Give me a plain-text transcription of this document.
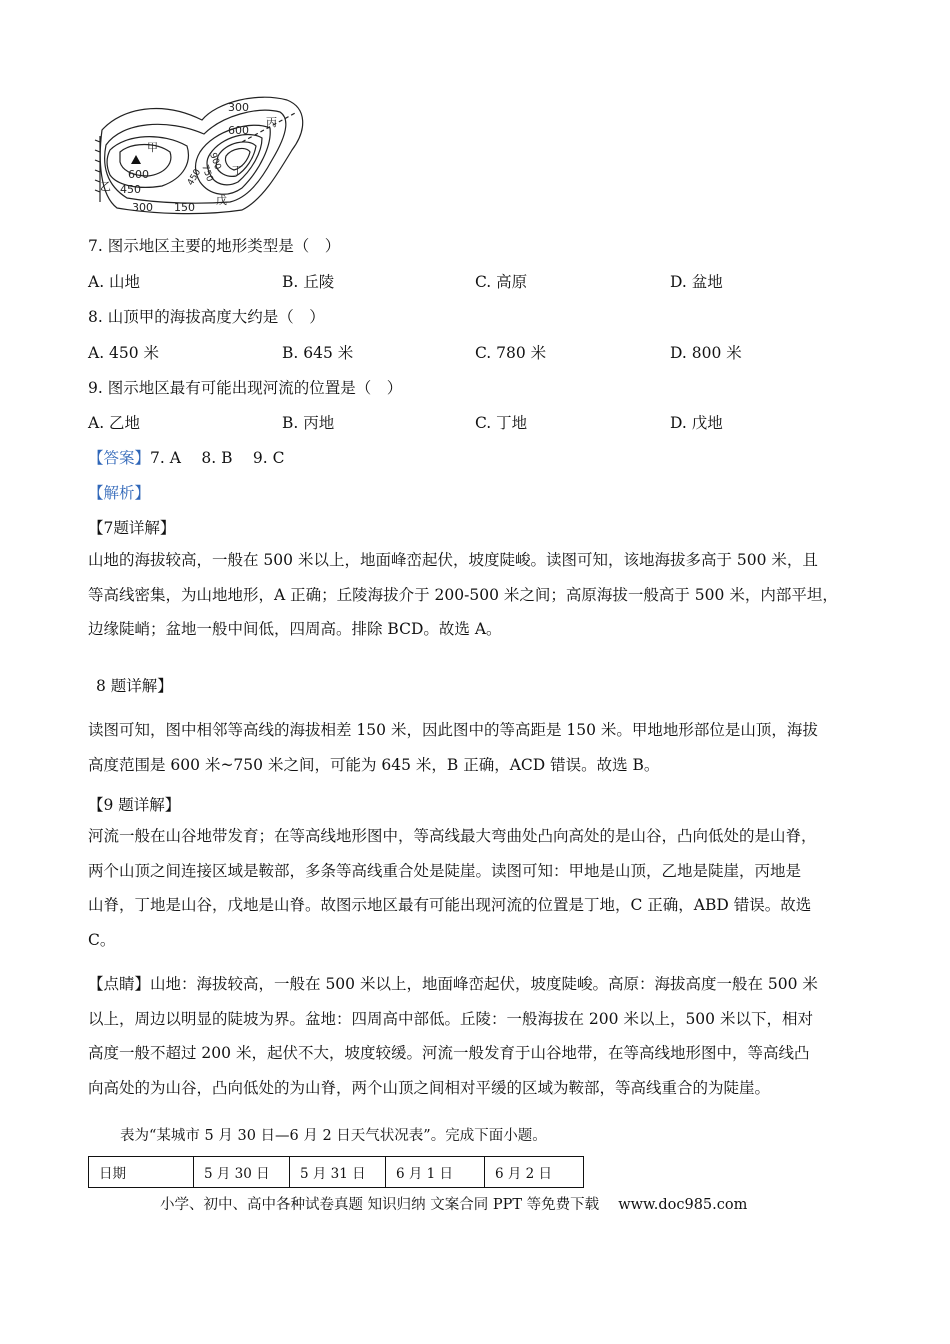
300
丙
600
甲
600
450
乙
300 150
900
750
450	丁
戊
7. 图示地区主要的地形类型是（　）
A. 山地	B. 丘陵	C. 高原	D. 盆地
8. 山顶甲的海拔高度大约是（　）
A. 450 米	B. 645 米	C. 780 米	D. 800 米
9. 图示地区最有可能出现河流的位置是（　）
A. 乙地	B. 丙地	C. 丁地	D. 戊地
【答案】7. A　 8. B　 9. C
【解析】
【7题详解】
山地的海拔较高，一般在 500 米以上，地面峰峦起伏，坡度陡峻。读图可知，该地海拔多高于 500 米，且
等高线密集，为山地地形，A 正确；丘陵海拔介于 200-500 米之间；高原海拔一般高于 500 米，内部平坦，
边缘陡峭；盆地一般中间低，四周高。排除 BCD。故选 A。
8 题详解】
读图可知，图中相邻等高线的海拔相差 150 米，因此图中的等高距是 150 米。甲地地形部位是山顶，海拔
高度范围是 600 米~750 米之间，可能为 645 米，B 正确，ACD 错误。故选 B。
【9 题详解】
河流一般在山谷地带发育；在等高线地形图中，等高线最大弯曲处凸向高处的是山谷，凸向低处的是山脊，
两个山顶之间连接区域是鞍部，多条等高线重合处是陡崖。读图可知：甲地是山顶，乙地是陡崖，丙地是
山脊，丁地是山谷，戊地是山脊。故图示地区最有可能出现河流的位置是丁地，C 正确，ABD 错误。故选
C。
【点睛】山地：海拔较高，一般在 500 米以上，地面峰峦起伏，坡度陡峻。高原：海拔高度一般在 500 米
以上，周边以明显的陡坡为界。盆地：四周高中部低。丘陵：一般海拔在 200 米以上，500 米以下，相对
高度一般不超过 200 米，起伏不大，坡度较缓。河流一般发育于山谷地带，在等高线地形图中，等高线凸
向高处的为山谷，凸向低处的为山脊，两个山顶之间相对平缓的区域为鞍部，等高线重合的为陡崖。
表为“某城市 5 月 30 日—6 月 2 日天气状况表”。完成下面小题。
日期	5 月 30 日	5 月 31 日	6 月 1 日	6 月 2 日
小学、初中、高中各种试卷真题 知识归纳 文案合同 PPT 等免费下载　 www.doc985.com
